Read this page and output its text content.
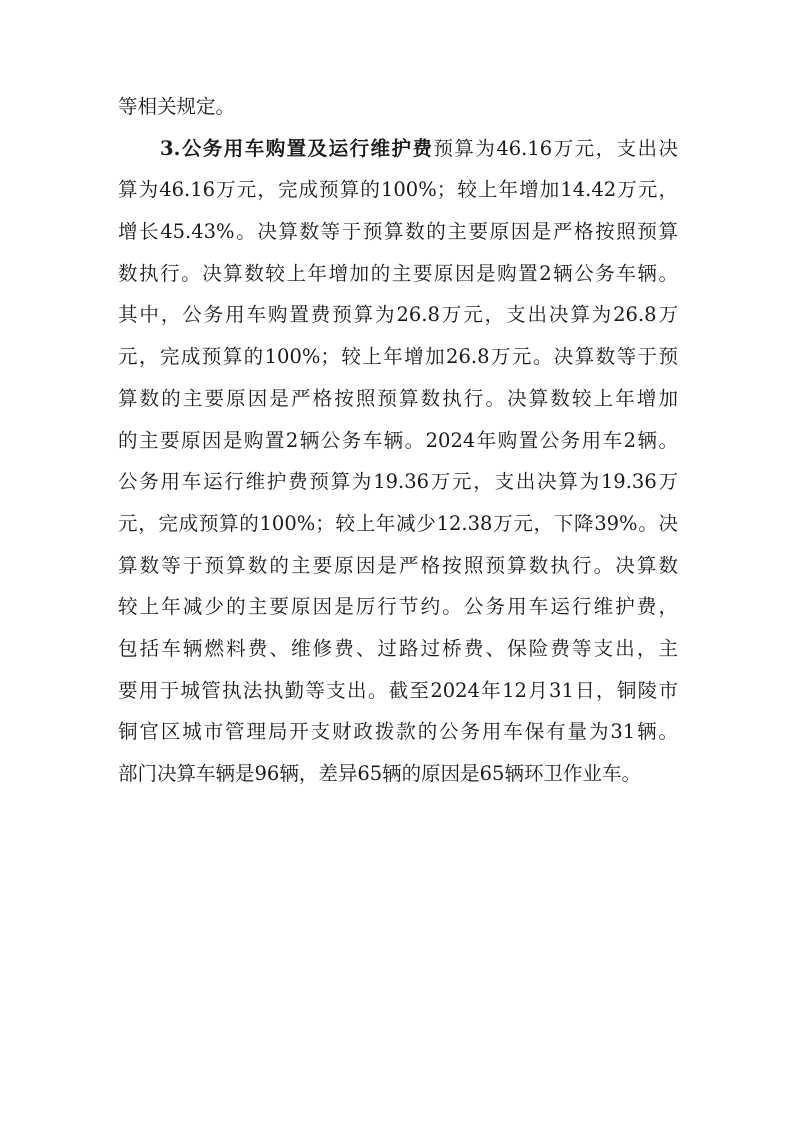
等相关规定。
3.公务用车购置及运行维护费预算为46.16万元，支出决
算为46.16万元，完成预算的100%；较上年增加14.42万元，
增长45.43%。决算数等于预算数的主要原因是严格按照预算
数执行。决算数较上年增加的主要原因是购置2辆公务车辆。
其中，公务用车购置费预算为26.8万元，支出决算为26.8万
元，完成预算的100%；较上年增加26.8万元。决算数等于预
算数的主要原因是严格按照预算数执行。决算数较上年增加
的主要原因是购置2辆公务车辆。2024年购置公务用车2辆。
公务用车运行维护费预算为19.36万元，支出决算为19.36万
元，完成预算的100%；较上年减少12.38万元，下降39%。决
算数等于预算数的主要原因是严格按照预算数执行。决算数
较上年减少的主要原因是厉行节约。公务用车运行维护费，
包括车辆燃料费、维修费、过路过桥费、保险费等支出，主
要用于城管执法执勤等支出。截至2024年12月31日，铜陵市
铜官区城市管理局开支财政拨款的公务用车保有量为31辆。
部门决算车辆是96辆，差异65辆的原因是65辆环卫作业车。
